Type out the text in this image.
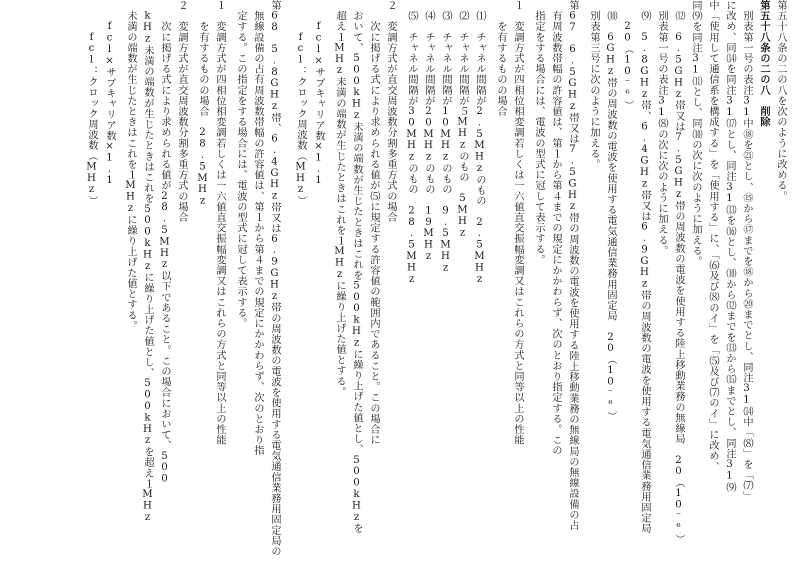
第五十八条の二の八を次のように改める。
第五十八条の二の八　削除
　別表第一号の表注31中⑱を㉑とし、⑮から⑰までを⑱から⑳までとし、同注31⒁中「⑻」を「⑺」
に改め、同⒁を同注31⒄とし、同注31⒀を⒃とし、⑽から⑿までを⒀から⒂までとし、同注31⑼
中「使用して通信系を構成する」を「使用する」に、「⑹及び⑻のイ」を「⑸及び⑺のイ」に改め、
同⑼を同注31⑾とし、同⑽の次に次のように加える。
　⑿　6.5GHz帯又は7.5GHz帯の周波数の電波を使用する陸上移動業務の無線局　20（10⁻⁶）
　別表第一号の表注31⑻の次に次のように加える。
　⑼　5.8GHz帯、6.4GHz帯又は6.9GHz帯の周波数の電波を使用する電気通信業務用固定局
　　20（10⁻⁶）
　⑽　6GHz帯の周波数の電波を使用する電気通信業務用固定局　20（10⁻⁶）
　別表第三号に次のように加える。
第67　6.5GHz帯又は7.5GHz帯の周波数の電波を使用する陸上移動業務の無線局の無線設備の占
　有周波数帯幅の許容値は、第１から第４までの規定にかかわらず、次のとおり指定する。この
　指定をする場合には、電波の型式に冠して表示する。
１　変調方式が四相位相変調若しくは一六値直交振幅変調又はこれらの方式と同等以上の性能
　　を有するものの場合
　⑴　チャネル間隔が2.5MHzのもの　2.5MHz
　⑵　チャネル間隔が５MHzのもの　5MHz
　⑶　チャネル間隔が10MHzのもの　9.5MHz
　⑷　チャネル間隔が20MHzのもの　19MHz
　⑸　チャネル間隔が30MHzのもの　28.5MHz
２　変調方式が直交周波数分割多重方式の場合
　　次に掲げる式により求められる値が⑸に規定する許容値の範囲内であること。この場合に
　おいて、500kHz未満の端数が生じたときはこれを500kHzに繰り上げた値とし、500kHzを
　超え１MHz未満の端数が生じたときはこれを１MHzに繰り上げた値とする。
　　fcl×サブキャリア数×1.1
　　　fcl：クロック周波数（MHz）
第68　5.8GHz帯、6.4GHz帯又は6.9GHz帯の周波数の電波を使用する電気通信業務用固定局の
　無線設備の占有周波数帯幅の許容値は、第１から第４までの規定にかかわらず、次のとおり指
　定する。この指定をする場合には、電波の型式に冠して表示する。
１　変調方式が四相位相変調若しくは一六値直交振幅変調又はこれらの方式と同等以上の性能
　　を有するものの場合　28.5MHz
２　変調方式が直交周波数分割多重方式の場合
　　次に掲げる式により求められる値が28.5MHz以下であること。この場合において、500
　kHz未満の端数が生じたときはこれを500kHzに繰り上げた値とし、500kHzを超え１MHz
　未満の端数が生じたときはこれを１MHzに繰り上げた値とする。
　　fcl×サブキャリア数×1.1
　　　fcl：クロック周波数（MHz）
